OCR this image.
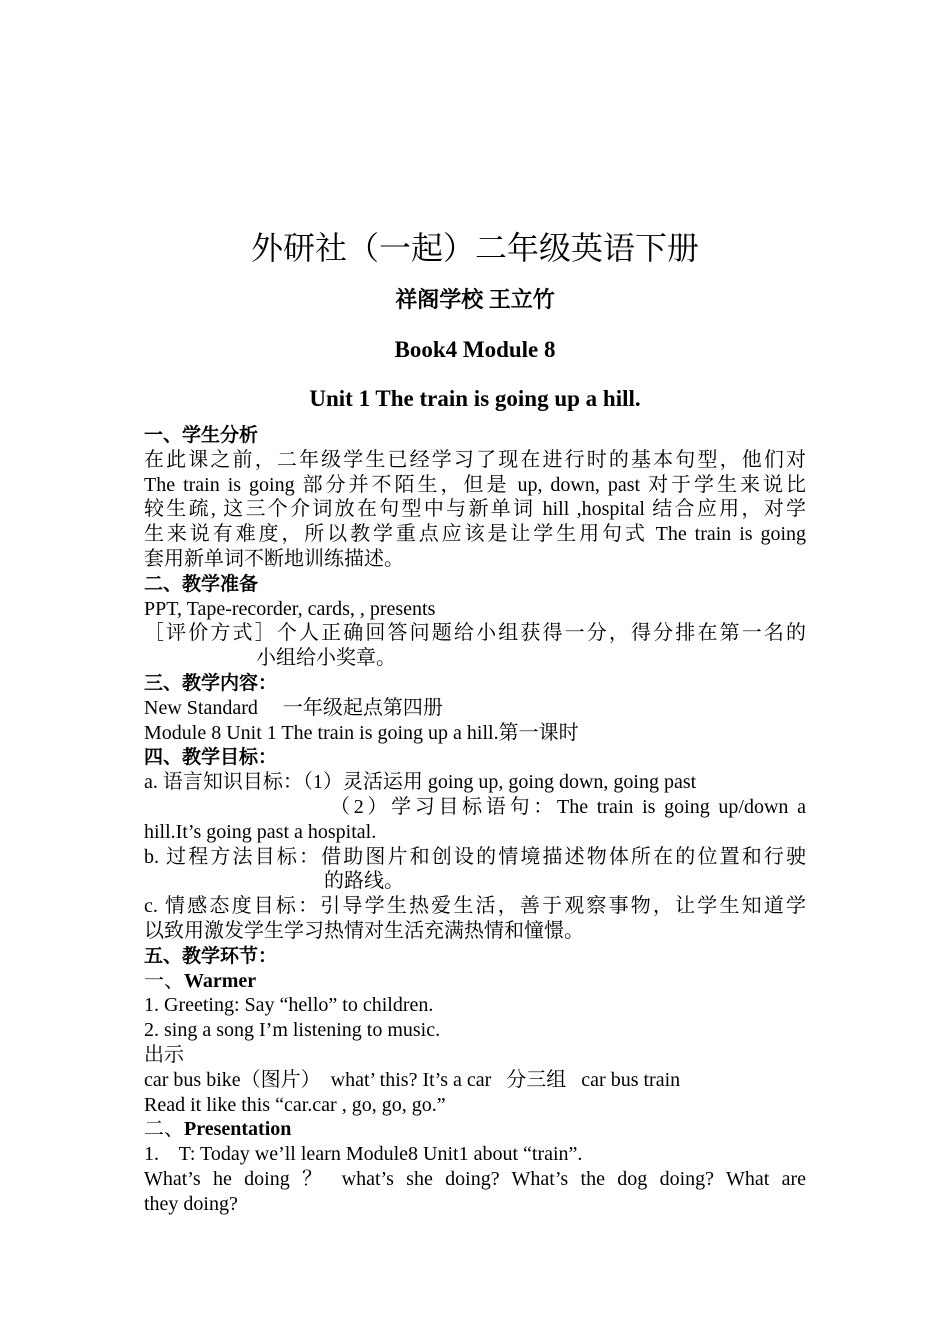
外研社（一起）二年级英语下册
祥阁学校 王立竹
Book4 Module 8
Unit 1 The train is going up a hill.
一、学生分析
在此课之前，二年级学生已经学习了现在进行时的基本句型，他们对
The train is going 部分并不陌生，但是 up, down, past 对于学生来说比
较生疏, 这三个介词放在句型中与新单词 hill ,hospital 结合应用，对学
生来说有难度，所以教学重点应该是让学生用句式 The train is going
套用新单词不断地训练描述。
二、教学准备
PPT, Tape-recorder, cards, , presents
［评价方式］个人正确回答问题给小组获得一分，得分排在第一名的
小组给小奖章。
三、教学内容：
New Standard     一年级起点第四册
Module 8 Unit 1 The train is going up a hill.第一课时
四、教学目标：
a. 语言知识目标：（1）灵活运用 going up, going down, going past
（2）学习目标语句：The train is going up/down a
hill.It’s going past a hospital.
b. 过程方法目标：借助图片和创设的情境描述物体所在的位置和行驶
的路线。
c. 情感态度目标：引导学生热爱生活，善于观察事物，让学生知道学
以致用激发学生学习热情对生活充满热情和憧憬。
五、教学环节：
一、Warmer
1. Greeting: Say “hello” to children.
2. sing a song I’m listening to music.
出示
car bus bike（图片）  what’ this? It’s a car   分三组   car bus train
Read it like this “car.car , go, go, go.”
二、Presentation
1.    T: Today we’ll learn Module8 Unit1 about “train”.
What’s he doing ？ what’s she doing? What’s the dog doing? What are
they doing?
